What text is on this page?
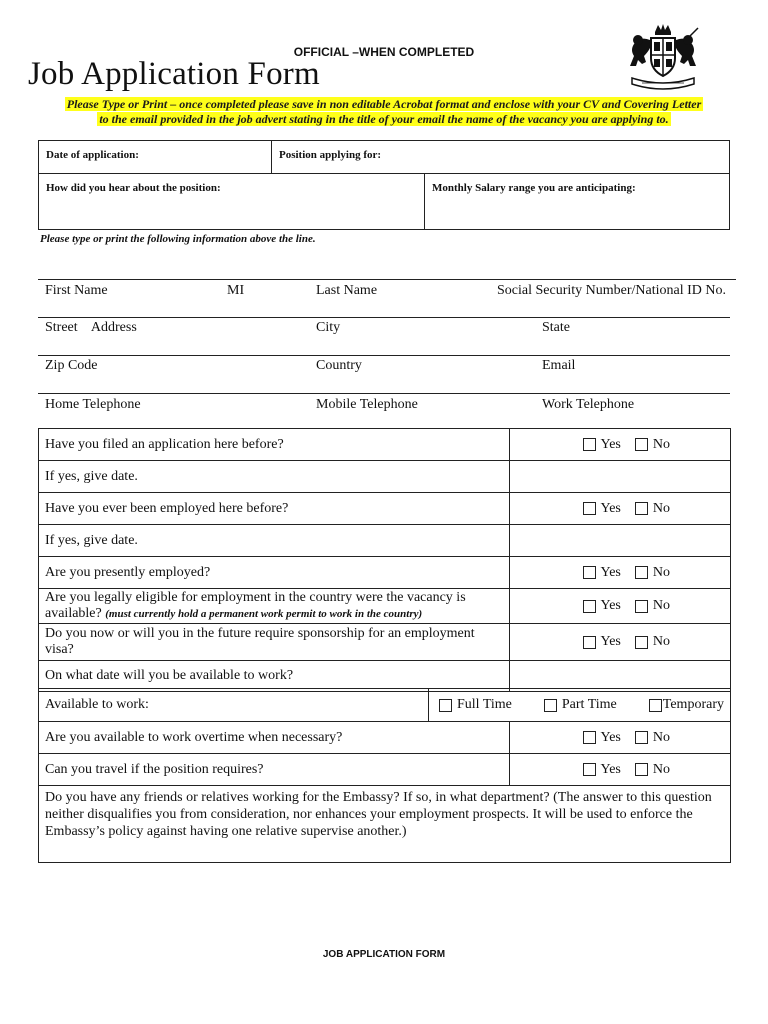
OFFICIAL –WHEN COMPLETED
Job Application Form
Please Type or Print – once completed please save in non editable Acrobat format and enclose with your CV and Covering Letter
to the email provided in the job advert stating in the title of your email the name of the vacancy you are applying to.
Date of application:	Position applying for:
How did you hear about the position:	Monthly Salary range you are anticipating:
Please type or print the following information above the line.
First Name	MI	Last Name	Social Security Number/National ID No.
Street    Address	City	State
Zip Code	Country	Email
Home Telephone	Mobile Telephone	Work Telephone
Have you filed an application here before?	Yes No

If yes, give date.	
Have you ever been employed here before?	Yes No

If yes, give date.	
Are you presently employed?	Yes No

Are you legally eligible for employment in the country were the vacancy is
available? (must currently hold a permanent work permit to work in the country)	Yes No

Do you now or will you in the future require sponsorship for an employment visa?	Yes No

On what date will you be available to work?	
Available to work:	Full Time	Part Time	Temporary
Are you available to work overtime when necessary?	Yes No

Can you travel if the position requires?	Yes No

Do you have any friends or relatives working for the Embassy? If so, in what department? (The answer to this question neither disqualifies you from consideration, nor enhances your employment prospects. It will be used to enforce the Embassy’s policy against having one relative supervise another.)	
JOB APPLICATION FORM
